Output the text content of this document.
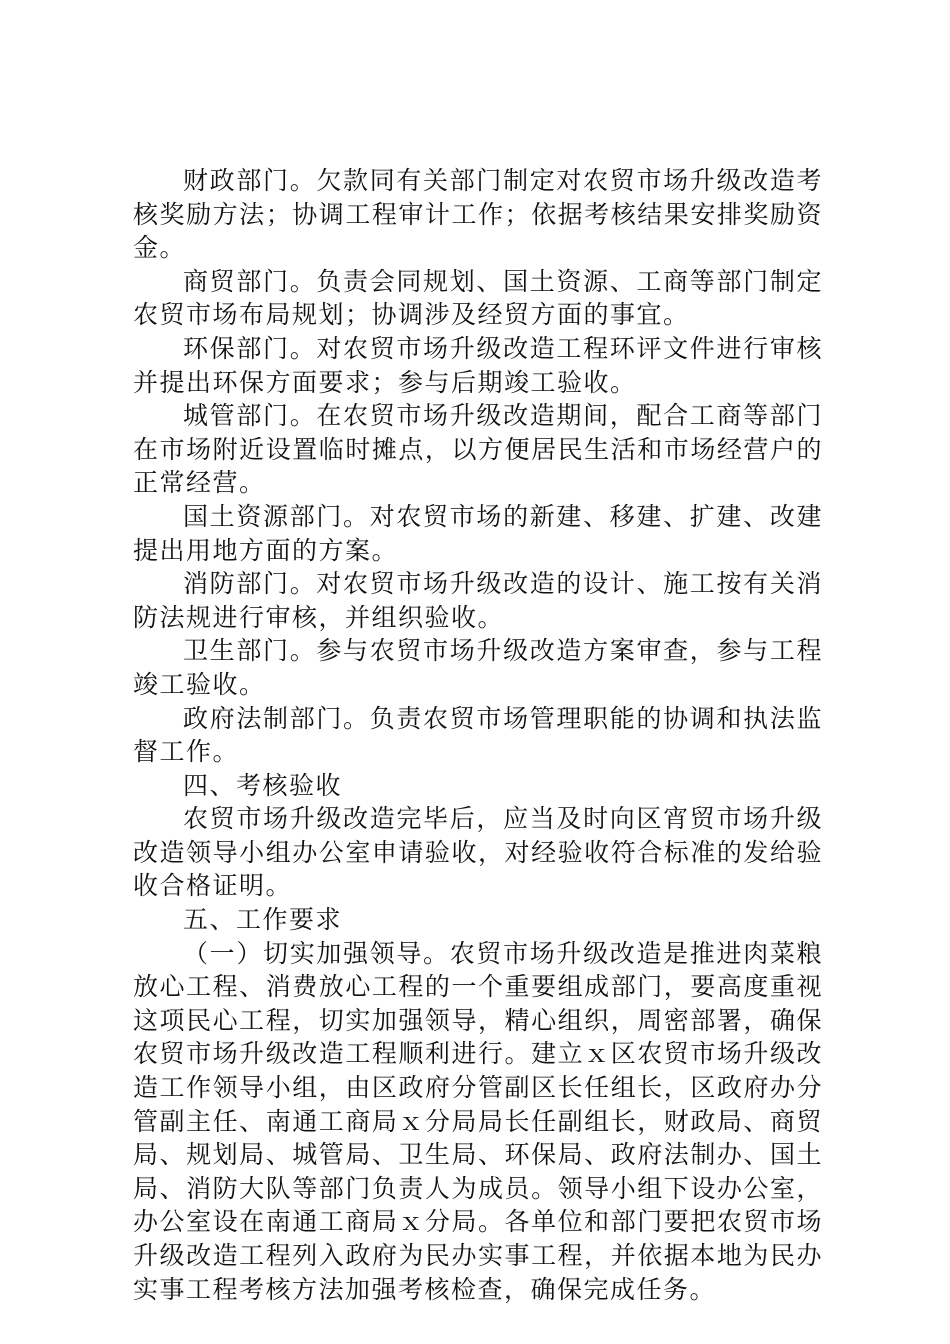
财政部门。欠款同有关部门制定对农贸市场升级改造考核奖励方法；协调工程审计工作；依据考核结果安排奖励资金。

商贸部门。负责会同规划、国土资源、工商等部门制定农贸市场布局规划；协调涉及经贸方面的事宜。

环保部门。对农贸市场升级改造工程环评文件进行审核并提出环保方面要求；参与后期竣工验收。

城管部门。在农贸市场升级改造期间，配合工商等部门在市场附近设置临时摊点，以方便居民生活和市场经营户的正常经营。

国土资源部门。对农贸市场的新建、移建、扩建、改建提出用地方面的方案。

消防部门。对农贸市场升级改造的设计、施工按有关消防法规进行审核，并组织验收。

卫生部门。参与农贸市场升级改造方案审查，参与工程竣工验收。

政府法制部门。负责农贸市场管理职能的协调和执法监督工作。

四、考核验收

农贸市场升级改造完毕后，应当及时向区宵贸市场升级改造领导小组办公室申请验收，对经验收符合标准的发给验收合格证明。

五、工作要求

（一）切实加强领导。农贸市场升级改造是推进肉菜粮放心工程、消费放心工程的一个重要组成部门，要高度重视这项民心工程，切实加强领导，精心组织，周密部署，确保农贸市场升级改造工程顺利进行。建立ｘ区农贸市场升级改造工作领导小组，由区政府分管副区长任组长，区政府办分管副主任、南通工商局ｘ分局局长任副组长，财政局、商贸局、规划局、城管局、卫生局、环保局、政府法制办、国土局、消防大队等部门负责人为成员。领导小组下设办公室，办公室设在南通工商局ｘ分局。各单位和部门要把农贸市场升级改造工程列入政府为民办实事工程，并依据本地为民办实事工程考核方法加强考核检查，确保完成任务。
